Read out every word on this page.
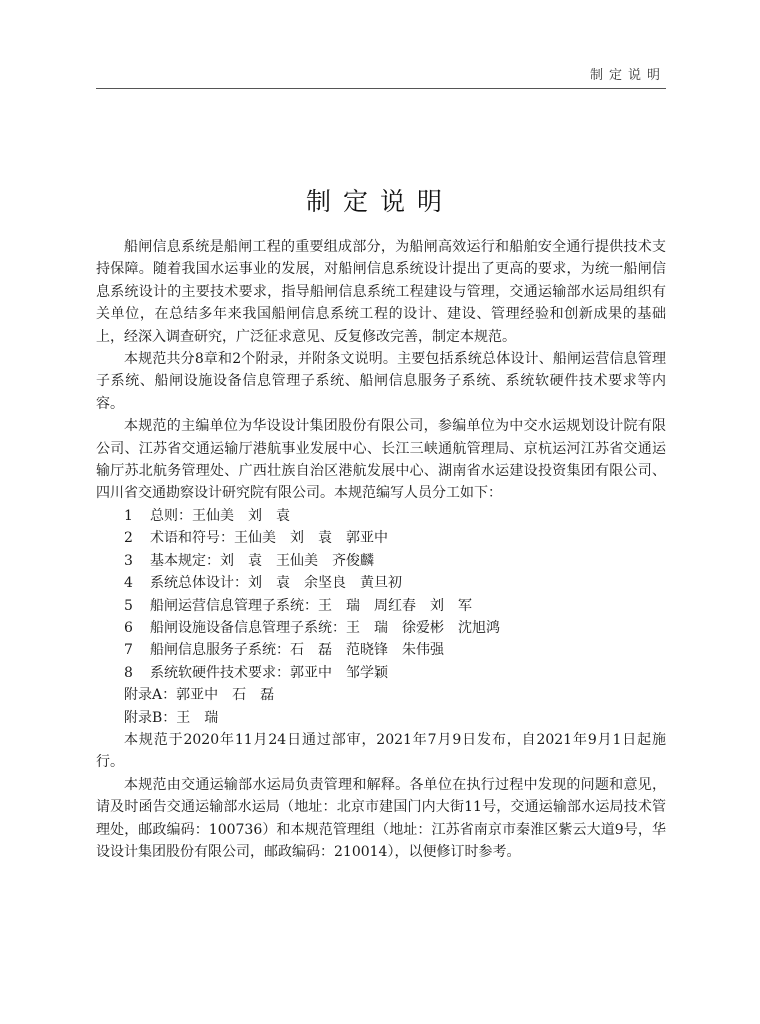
制定说明
制定说明

船闸信息系统是船闸工程的重要组成部分，为船闸高效运行和船舶安全通行提供技术支持保障。随着我国水运事业的发展，对船闸信息系统设计提出了更高的要求，为统一船闸信息系统设计的主要技术要求，指导船闸信息系统工程建设与管理，交通运输部水运局组织有关单位，在总结多年来我国船闸信息系统工程的设计、建设、管理经验和创新成果的基础上，经深入调查研究，广泛征求意见、反复修改完善，制定本规范。

本规范共分8章和2个附录，并附条文说明。主要包括系统总体设计、船闸运营信息管理子系统、船闸设施设备信息管理子系统、船闸信息服务子系统、系统软硬件技术要求等内容。

本规范的主编单位为华设设计集团股份有限公司，参编单位为中交水运规划设计院有限公司、江苏省交通运输厅港航事业发展中心、长江三峡通航管理局、京杭运河江苏省交通运输厅苏北航务管理处、广西壮族自治区港航发展中心、湖南省水运建设投资集团有限公司、四川省交通勘察设计研究院有限公司。本规范编写人员分工如下：

1 总则：王仙美　刘　袁

2 术语和符号：王仙美　刘　袁　郭亚中

3 基本规定：刘　袁　王仙美　齐俊麟

4 系统总体设计：刘　袁　余坚良　黄旦初

5 船闸运营信息管理子系统：王　瑞　周红春　刘　军

6 船闸设施设备信息管理子系统：王　瑞　徐爱彬　沈旭鸿

7 船闸信息服务子系统：石　磊　范晓锋　朱伟强

8 系统软硬件技术要求：郭亚中　邹学颖

附录A：郭亚中　石　磊

附录B：王　瑞

本规范于2020年11月24日通过部审，2021年7月9日发布，自2021年9月1日起施行。

本规范由交通运输部水运局负责管理和解释。各单位在执行过程中发现的问题和意见，请及时函告交通运输部水运局（地址：北京市建国门内大街11号，交通运输部水运局技术管理处，邮政编码：100736）和本规范管理组（地址：江苏省南京市秦淮区紫云大道9号，华设设计集团股份有限公司，邮政编码：210014），以便修订时参考。
